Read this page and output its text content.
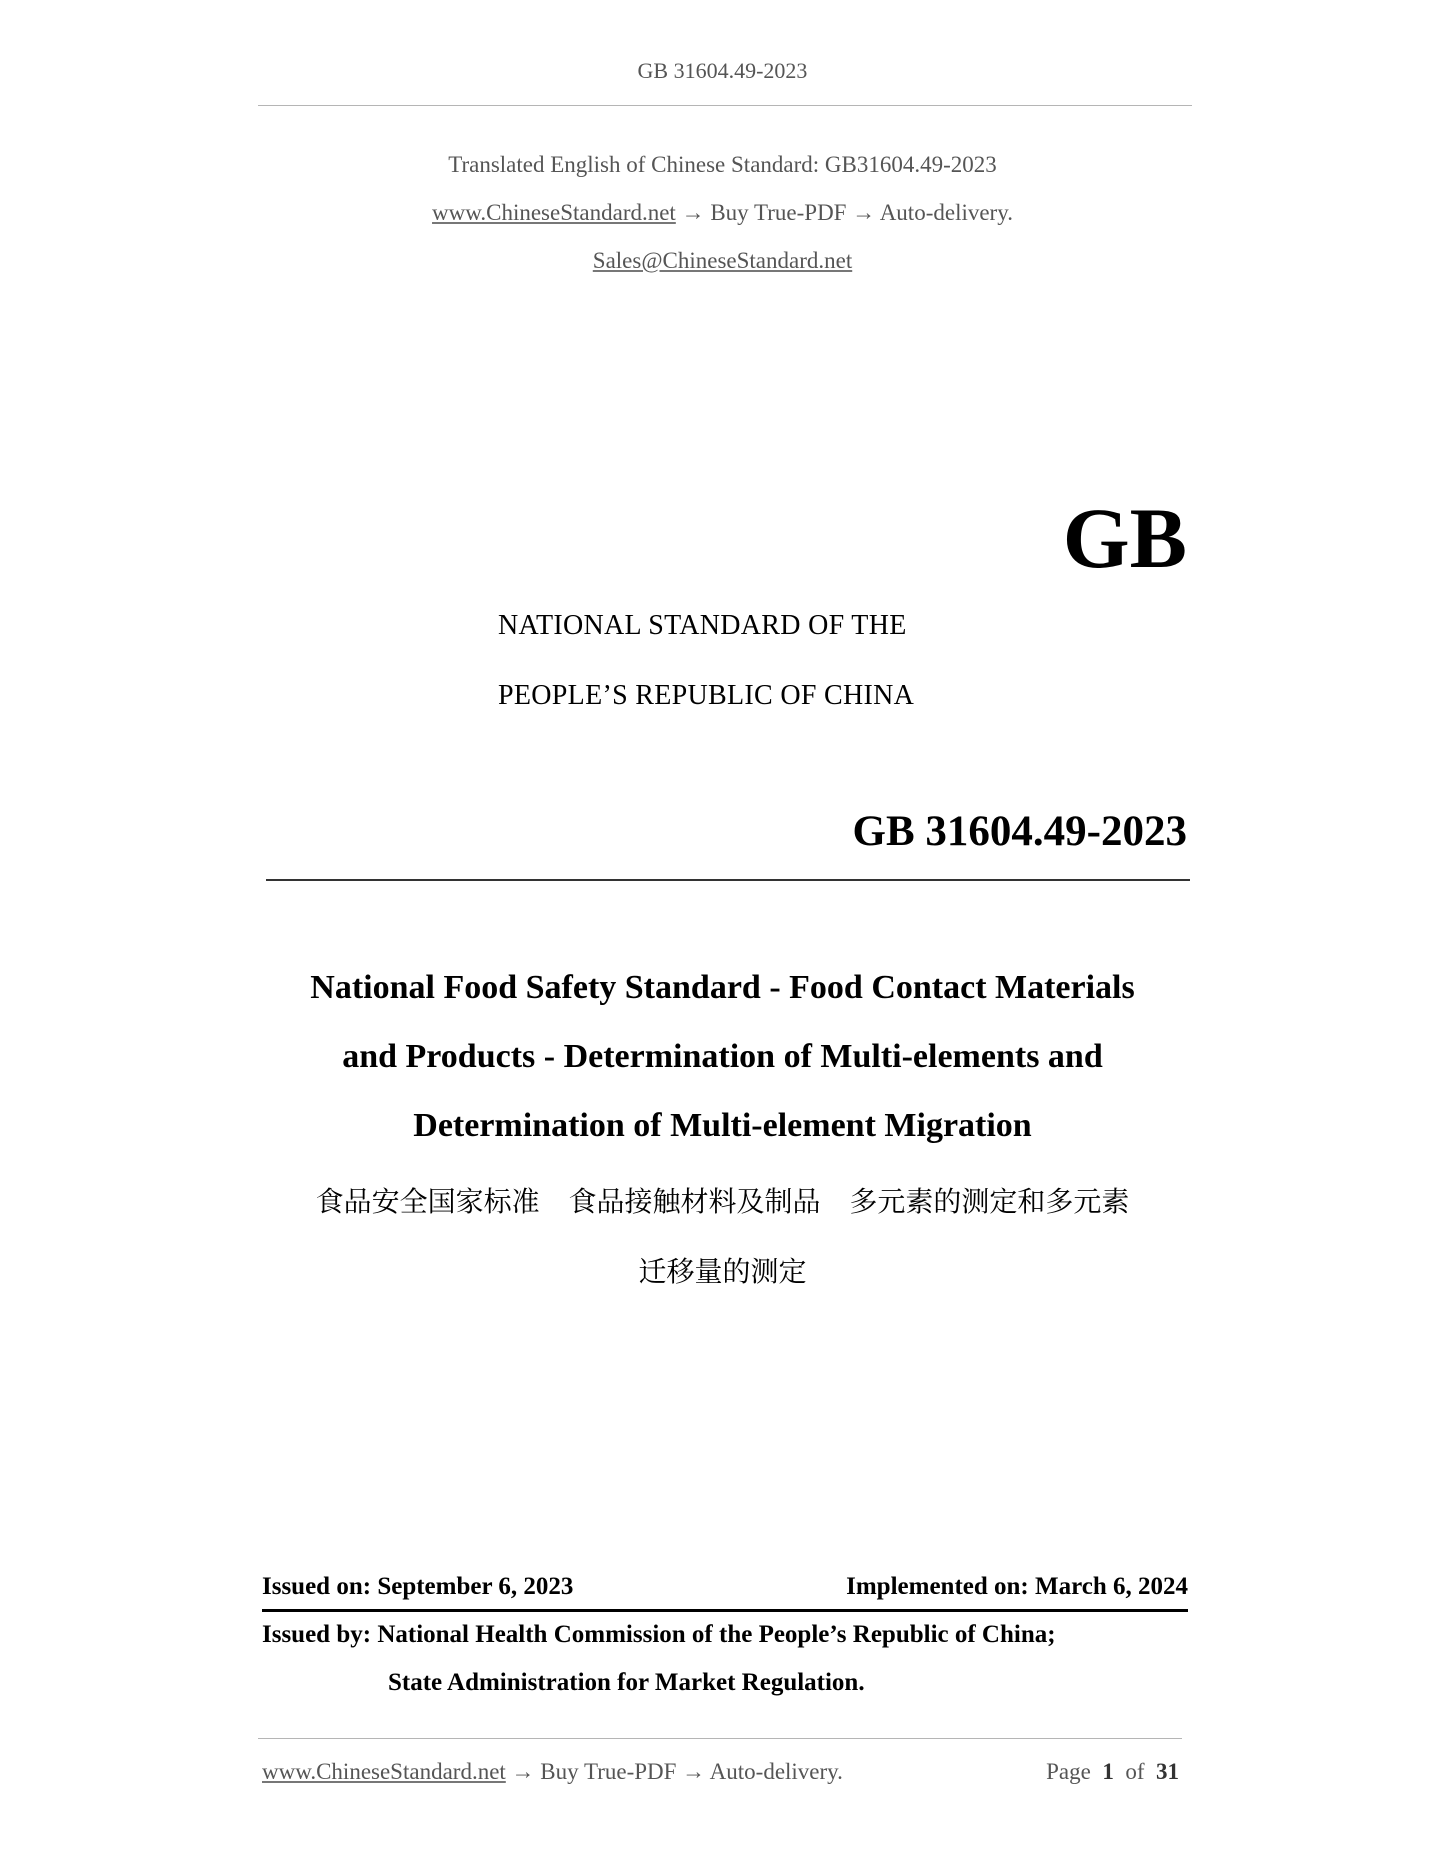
GB 31604.49-2023
Translated English of Chinese Standard: GB31604.49-2023
www.ChineseStandard.net → Buy True-PDF → Auto-delivery.
Sales@ChineseStandard.net
GB
NATIONAL STANDARD OF THE
PEOPLE’S REPUBLIC OF CHINA
GB 31604.49-2023
National Food Safety Standard - Food Contact Materials
and Products - Determination of Multi-elements and
Determination of Multi-element Migration
食品安全国家标准 食品接触材料及制品 多元素的测定和多元素
迁移量的测定
Issued on: September 6, 2023	Implemented on: March 6, 2024
Issued by: National Health Commission of the People’s Republic of China;
State Administration for Market Regulation.
www.ChineseStandard.net → Buy True-PDF → Auto-delivery.	Page 1 of 31
